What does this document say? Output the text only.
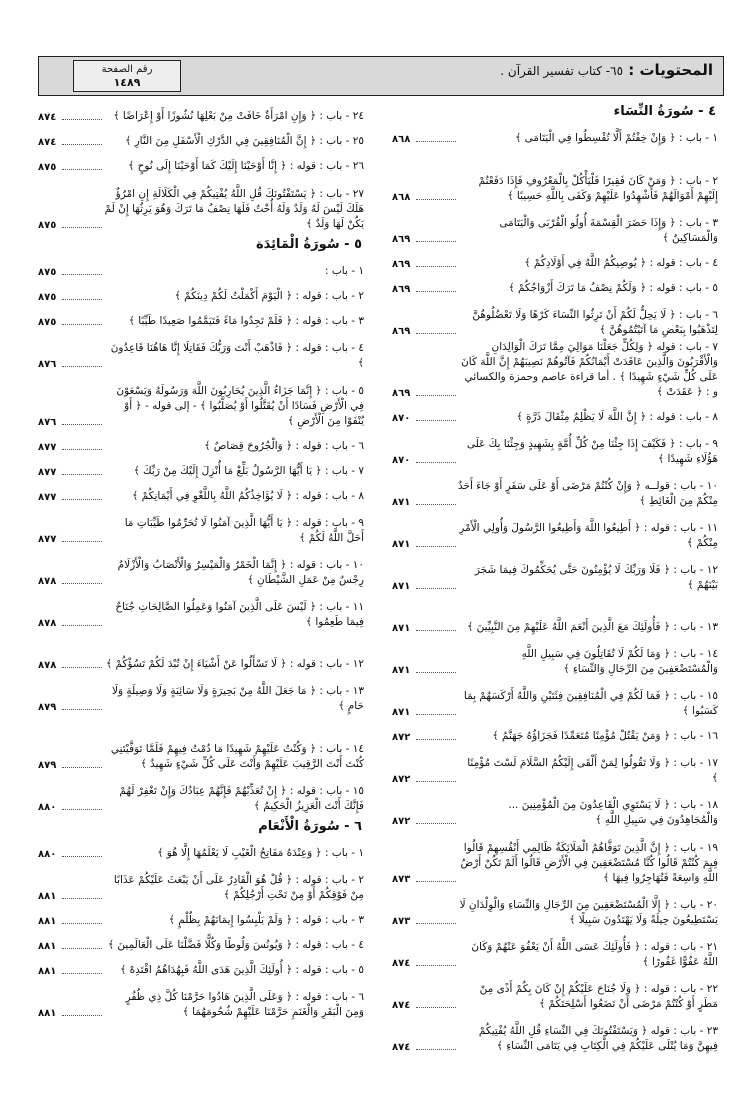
المحتويات : ٦٥- كتاب تفسير القرآن .
رقم الصفحة
١٤٨٩
٤ - سُورَةُ النِّسَاء
١ - باب : ﴿ وَإِنْ خِفْتُمْ أَلَّا تُقْسِطُوا فِي الْيَتَامَى ﴾
٨٦٨
٢ - باب : ﴿ وَمَنْ كَانَ فَقِيرًا فَلْيَأْكُلْ بِالْمَعْرُوفِ فَإِذَا دَفَعْتُمْ إِلَيْهِمْ أَمْوَالَهُمْ فَأَشْهِدُوا عَلَيْهِمْ وَكَفَى بِاللَّهِ حَسِيبًا ﴾
٨٦٨
٣ - باب : ﴿ وَإِذَا حَضَرَ الْقِسْمَةَ أُولُو الْقُرْبَى وَالْيَتَامَى وَالْمَسَاكِينُ ﴾
٨٦٩
٤ - باب : قوله : ﴿ يُوصِيكُمُ اللَّهُ فِي أَوْلَادِكُمْ ﴾
٨٦٩
٥ - باب : قوله : ﴿ وَلَكُمْ نِصْفُ مَا تَرَكَ أَزْوَاجُكُمْ ﴾
٨٦٩
٦ - باب : ﴿ لَا يَحِلُّ لَكُمْ أَنْ تَرِثُوا النِّسَاءَ كَرْهًا وَلَا تَعْضُلُوهُنَّ لِتَذْهَبُوا بِبَعْضِ مَا آتَيْتُمُوهُنَّ ﴾
٨٦٩
٧ - باب : قوله ﴿ وَلِكُلٍّ جَعَلْنَا مَوَالِيَ مِمَّا تَرَكَ الْوَالِدَانِ وَالْأَقْرَبُونَ وَالَّذِينَ عَاقَدَتْ أَيْمَانُكُمْ فَآتُوهُمْ نَصِيبَهُمْ إِنَّ اللَّهَ كَانَ عَلَى كُلِّ شَيْءٍ شَهِيدًا ﴾ . أما قراءة عاصم وحمزة والكسائي و : ﴿ عَقَدَتْ ﴾
٨٦٩
٨ - باب : قوله : ﴿ إِنَّ اللَّهَ لَا يَظْلِمُ مِثْقَالَ ذَرَّةٍ ﴾
٨٧٠
٩ - باب : ﴿ فَكَيْفَ إِذَا جِئْنَا مِنْ كُلِّ أُمَّةٍ بِشَهِيدٍ وَجِئْنَا بِكَ عَلَى هَؤُلَاءِ شَهِيدًا ﴾
٨٧٠
١٠ - باب : قولــه ﴿ وَإِنْ كُنْتُمْ مَرْضَى أَوْ عَلَى سَفَرٍ أَوْ جَاءَ أَحَدٌ مِنْكُمْ مِنَ الْغَائِطِ ﴾
٨٧١
١١ - باب : قوله : ﴿ أَطِيعُوا اللَّهَ وَأَطِيعُوا الرَّسُولَ وَأُولِي الْأَمْرِ مِنْكُمْ ﴾
٨٧١
١٢ - باب : ﴿ فَلَا وَرَبِّكَ لَا يُؤْمِنُونَ حَتَّى يُحَكِّمُوكَ فِيمَا شَجَرَ بَيْنَهُمْ ﴾
٨٧١
١٣ - باب : ﴿ فَأُولَئِكَ مَعَ الَّذِينَ أَنْعَمَ اللَّهُ عَلَيْهِمْ مِنَ النَّبِيِّينَ ﴾
٨٧١
١٤ - باب : ﴿ وَمَا لَكُمْ لَا تُقَاتِلُونَ فِي سَبِيلِ اللَّهِ وَالْمُسْتَضْعَفِينَ مِنَ الرِّجَالِ وَالنِّسَاءِ ﴾
٨٧١
١٥ - باب : ﴿ فَمَا لَكُمْ فِي الْمُنَافِقِينَ فِئَتَيْنِ وَاللَّهُ أَرْكَسَهُمْ بِمَا كَسَبُوا ﴾
٨٧١
١٦ - باب : ﴿ وَمَنْ يَقْتُلْ مُؤْمِنًا مُتَعَمِّدًا فَجَزَاؤُهُ جَهَنَّمُ ﴾
٨٧٢
١٧ - باب : ﴿ وَلَا تَقُولُوا لِمَنْ أَلْقَى إِلَيْكُمُ السَّلَامَ لَسْتَ مُؤْمِنًا ﴾
٨٧٢
١٨ - باب : ﴿ لَا يَسْتَوِي الْقَاعِدُونَ مِنَ الْمُؤْمِنِينَ ... وَالْمُجَاهِدُونَ فِي سَبِيلِ اللَّهِ ﴾
٨٧٢
١٩ - باب : ﴿ إِنَّ الَّذِينَ تَوَفَّاهُمُ الْمَلَائِكَةُ ظَالِمِي أَنْفُسِهِمْ قَالُوا فِيمَ كُنْتُمْ قَالُوا كُنَّا مُسْتَضْعَفِينَ فِي الْأَرْضِ قَالُوا أَلَمْ تَكُنْ أَرْضُ اللَّهِ وَاسِعَةً فَتُهَاجِرُوا فِيهَا ﴾
٨٧٣
٢٠ - باب : ﴿ إِلَّا الْمُسْتَضْعَفِينَ مِنَ الرِّجَالِ وَالنِّسَاءِ وَالْوِلْدَانِ لَا يَسْتَطِيعُونَ حِيلَةً وَلَا يَهْتَدُونَ سَبِيلًا ﴾
٨٧٣
٢١ - باب : قوله : ﴿ فَأُولَئِكَ عَسَى اللَّهُ أَنْ يَعْفُوَ عَنْهُمْ وَكَانَ اللَّهُ عَفُوًّا غَفُورًا ﴾
٨٧٤
٢٢ - باب : قوله : ﴿ وَلَا جُنَاحَ عَلَيْكُمْ إِنْ كَانَ بِكُمْ أَذًى مِنْ مَطَرٍ أَوْ كُنْتُمْ مَرْضَى أَنْ تَضَعُوا أَسْلِحَتَكُمْ ﴾
٨٧٤
٢٣ - باب : قوله ﴿ وَيَسْتَفْتُونَكَ فِي النِّسَاءِ قُلِ اللَّهُ يُفْتِيكُمْ فِيهِنَّ وَمَا يُتْلَى عَلَيْكُمْ فِي الْكِتَابِ فِي يَتَامَى النِّسَاءِ ﴾
٨٧٤
٢٤ - باب : ﴿ وَإِنِ امْرَأَةٌ خَافَتْ مِنْ بَعْلِهَا نُشُوزًا أَوْ إِعْرَاضًا ﴾
٨٧٤
٢٥ - باب : ﴿ إِنَّ الْمُنَافِقِينَ فِي الدَّرْكِ الْأَسْفَلِ مِنَ النَّارِ ﴾
٨٧٤
٢٦ - باب : قوله : ﴿ إِنَّا أَوْحَيْنَا إِلَيْكَ كَمَا أَوْحَيْنَا إِلَى نُوحٍ ﴾
٨٧٥
٢٧ - باب : ﴿ يَسْتَفْتُونَكَ قُلِ اللَّهُ يُفْتِيكُمْ فِي الْكَلَالَةِ إِنِ امْرُؤٌ هَلَكَ لَيْسَ لَهُ وَلَدٌ وَلَهُ أُخْتٌ فَلَهَا نِصْفُ مَا تَرَكَ وَهُوَ يَرِثُهَا إِنْ لَمْ يَكُنْ لَهَا وَلَدٌ ﴾
٨٧٥
٥ - سُورَةُ الْمَائِدَة
١ - باب :
٨٧٥
٢ - باب : قوله : ﴿ الْيَوْمَ أَكْمَلْتُ لَكُمْ دِينَكُمْ ﴾
٨٧٥
٣ - باب : قوله : ﴿ فَلَمْ تَجِدُوا مَاءً فَتَيَمَّمُوا صَعِيدًا طَيِّبًا ﴾
٨٧٥
٤ - باب : قوله : ﴿ فَاذْهَبْ أَنْتَ وَرَبُّكَ فَقَاتِلَا إِنَّا هَاهُنَا قَاعِدُونَ ﴾
٨٧٦
٥ - باب : ﴿ إِنَّمَا جَزَاءُ الَّذِينَ يُحَارِبُونَ اللَّهَ وَرَسُولَهُ وَيَسْعَوْنَ فِي الْأَرْضِ فَسَادًا أَنْ يُقَتَّلُوا أَوْ يُصَلَّبُوا ﴾ - إلى قوله - ﴿ أَوْ يُنْفَوْا مِنَ الْأَرْضِ ﴾
٨٧٦
٦ - باب : قوله : ﴿ وَالْجُرُوحَ قِصَاصٌ ﴾
٨٧٧
٧ - باب : ﴿ يَا أَيُّهَا الرَّسُولُ بَلِّغْ مَا أُنْزِلَ إِلَيْكَ مِنْ رَبِّكَ ﴾
٨٧٧
٨ - باب : قوله : ﴿ لَا يُؤَاخِذُكُمُ اللَّهُ بِاللَّغْوِ فِي أَيْمَانِكُمْ ﴾
٨٧٧
٩ - باب : قوله : ﴿ يَا أَيُّهَا الَّذِينَ آمَنُوا لَا تُحَرِّمُوا طَيِّبَاتِ مَا أَحَلَّ اللَّهُ لَكُمْ ﴾
٨٧٧
١٠ - باب : قوله : ﴿ إِنَّمَا الْخَمْرُ وَالْمَيْسِرُ وَالْأَنْصَابُ وَالْأَزْلَامُ رِجْسٌ مِنْ عَمَلِ الشَّيْطَانِ ﴾
٨٧٨
١١ - باب : ﴿ لَيْسَ عَلَى الَّذِينَ آمَنُوا وَعَمِلُوا الصَّالِحَاتِ جُنَاحٌ فِيمَا طَعِمُوا ﴾
٨٧٨
١٢ - باب : قوله : ﴿ لَا تَسْأَلُوا عَنْ أَشْيَاءَ إِنْ تُبْدَ لَكُمْ تَسُؤْكُمْ ﴾
٨٧٨
١٣ - باب : ﴿ مَا جَعَلَ اللَّهُ مِنْ بَحِيرَةٍ وَلَا سَائِبَةٍ وَلَا وَصِيلَةٍ وَلَا حَامٍ ﴾
٨٧٩
١٤ - باب : ﴿ وَكُنْتُ عَلَيْهِمْ شَهِيدًا مَا دُمْتُ فِيهِمْ فَلَمَّا تَوَفَّيْتَنِي كُنْتَ أَنْتَ الرَّقِيبَ عَلَيْهِمْ وَأَنْتَ عَلَى كُلِّ شَيْءٍ شَهِيدٌ ﴾
٨٧٩
١٥ - باب : قوله : ﴿ إِنْ تُعَذِّبْهُمْ فَإِنَّهُمْ عِبَادُكَ وَإِنْ تَغْفِرْ لَهُمْ فَإِنَّكَ أَنْتَ الْعَزِيزُ الْحَكِيمُ ﴾
٨٨٠
٦ - سُورَةُ الْأَنْعَام
١ - باب : ﴿ وَعِنْدَهُ مَفَاتِحُ الْغَيْبِ لَا يَعْلَمُهَا إِلَّا هُوَ ﴾
٨٨٠
٢ - باب : قوله : ﴿ قُلْ هُوَ الْقَادِرُ عَلَى أَنْ يَبْعَثَ عَلَيْكُمْ عَذَابًا مِنْ فَوْقِكُمْ أَوْ مِنْ تَحْتِ أَرْجُلِكُمْ ﴾
٨٨١
٣ - باب : قوله : ﴿ وَلَمْ يَلْبِسُوا إِيمَانَهُمْ بِظُلْمٍ ﴾
٨٨١
٤ - باب : قوله : ﴿ وَيُونُسَ وَلُوطًا وَكُلًّا فَضَّلْنَا عَلَى الْعَالَمِينَ ﴾
٨٨١
٥ - باب : قوله : ﴿ أُولَئِكَ الَّذِينَ هَدَى اللَّهُ فَبِهُدَاهُمُ اقْتَدِهْ ﴾
٨٨١
٦ - باب : قوله : ﴿ وَعَلَى الَّذِينَ هَادُوا حَرَّمْنَا كُلَّ ذِي ظُفُرٍ وَمِنَ الْبَقَرِ وَالْغَنَمِ حَرَّمْنَا عَلَيْهِمْ شُحُومَهُمَا ﴾
٨٨١
